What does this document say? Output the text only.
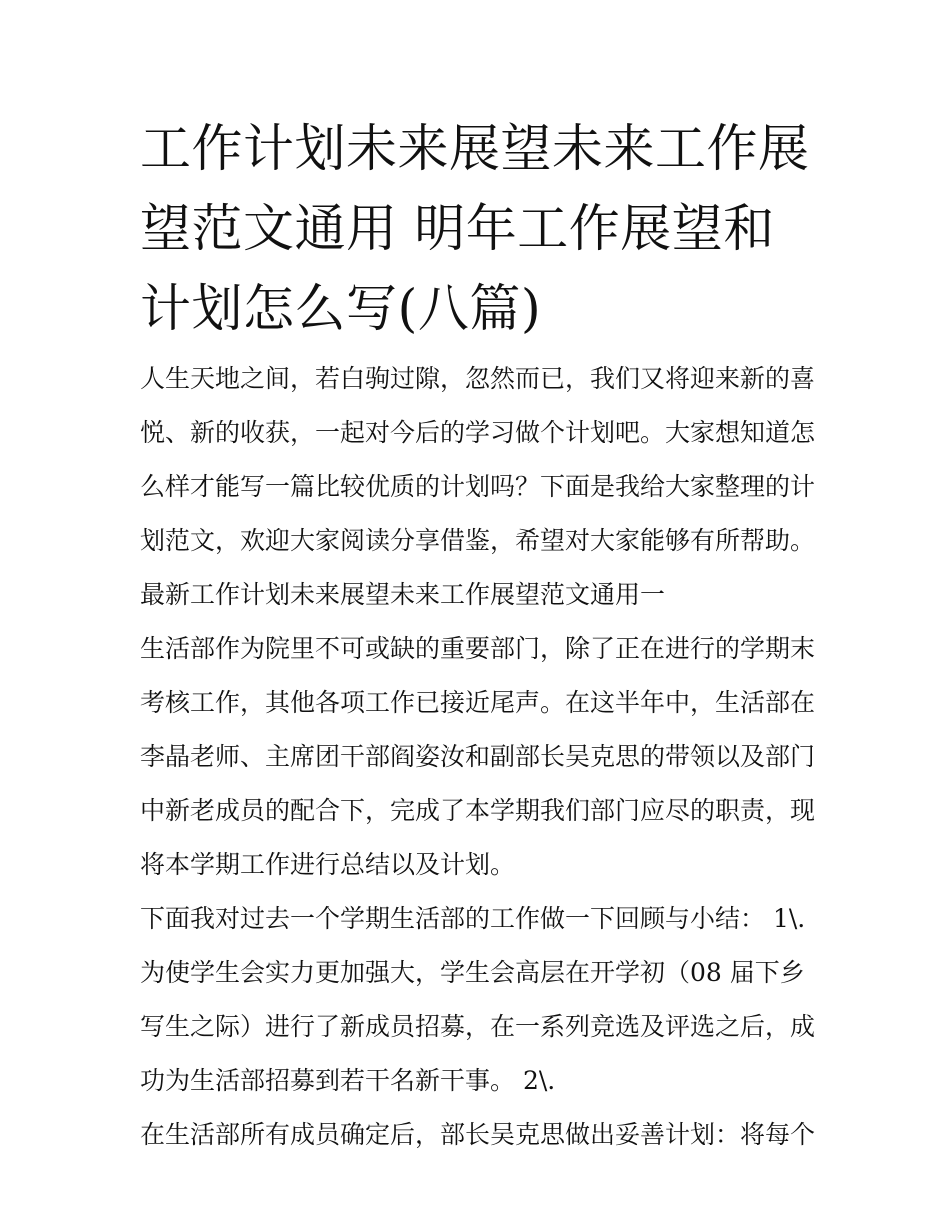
工作计划未来展望未来工作展望范文通用 明年工作展望和计划怎么写(八篇)

人生天地之间，若白驹过隙，忽然而已，我们又将迎来新的喜悦、新的收获，一起对今后的学习做个计划吧。大家想知道怎么样才能写一篇比较优质的计划吗？下面是我给大家整理的计划范文，欢迎大家阅读分享借鉴，希望对大家能够有所帮助。

最新工作计划未来展望未来工作展望范文通用一

生活部作为院里不可或缺的重要部门，除了正在进行的学期末考核工作，其他各项工作已接近尾声。在这半年中，生活部在李晶老师、主席团干部阎姿汝和副部长吴克思的带领以及部门中新老成员的配合下，完成了本学期我们部门应尽的职责，现将本学期工作进行总结以及计划。

下面我对过去一个学期生活部的工作做一下回顾与小结： 1\. 为使学生会实力更加强大，学生会高层在开学初（08 届下乡写生之际）进行了新成员招募，在一系列竞选及评选之后，成功为生活部招募到若干名新干事。 2\.

在生活部所有成员确定后，部长吴克思做出妥善计划：将每个
